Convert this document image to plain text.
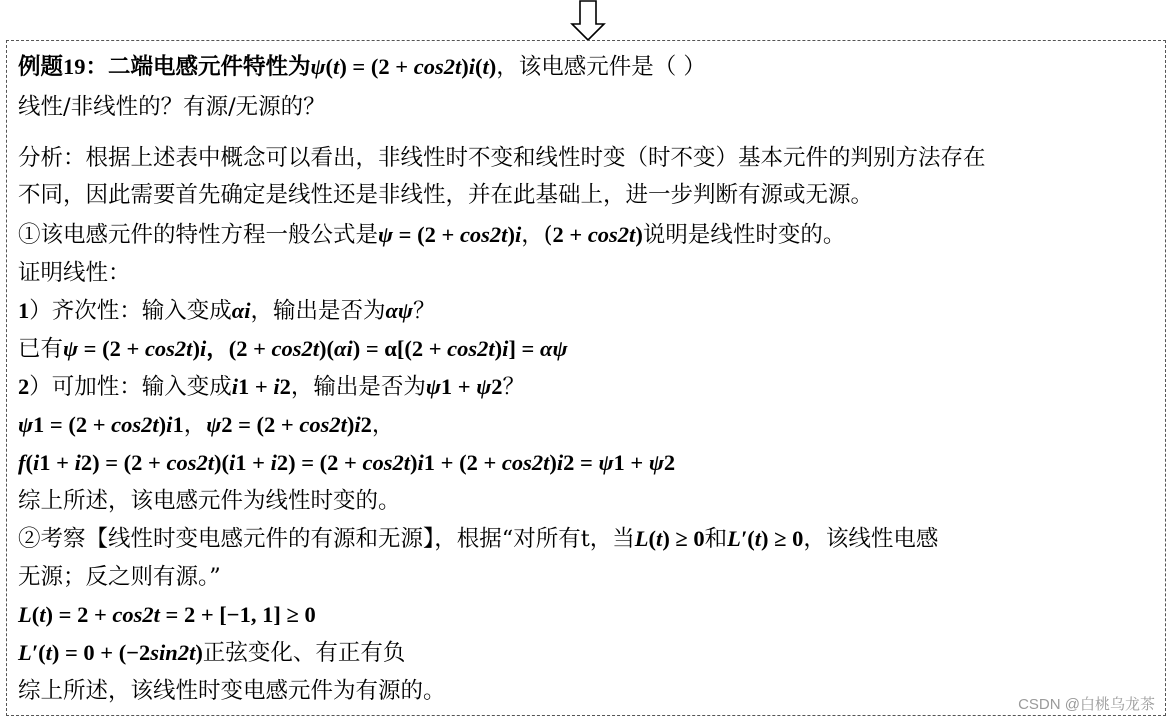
例题19：二端电感元件特性为ψ(t) = (2 + cos2t)i(t)，该电感元件是（ ）
线性/非线性的？有源/无源的？
分析：根据上述表中概念可以看出，非线性时不变和线性时变（时不变）基本元件的判别方法存在
不同，因此需要首先确定是线性还是非线性，并在此基础上，进一步判断有源或无源。
①该电感元件的特性方程一般公式是ψ = (2 + cos2t)i，(2 + cos2t)说明是线性时变的。
证明线性：
1）齐次性：输入变成αi，输出是否为αψ？
已有ψ = (2 + cos2t)i，(2 + cos2t)(αi) = α[(2 + cos2t)i] = αψ
2）可加性：输入变成i1 + i2，输出是否为ψ1 + ψ2？
ψ1 = (2 + cos2t)i1，ψ2 = (2 + cos2t)i2，
f(i1 + i2) = (2 + cos2t)(i1 + i2) = (2 + cos2t)i1 + (2 + cos2t)i2 = ψ1 + ψ2
综上所述，该电感元件为线性时变的。
②考察【线性时变电感元件的有源和无源】，根据“对所有t，当L(t) ≥ 0和L′(t) ≥ 0，该线性电感
无源；反之则有源。”
L(t) = 2 + cos2t = 2 + [−1, 1] ≥ 0
L′(t) = 0 + (−2sin2t)正弦变化、有正有负
综上所述，该线性时变电感元件为有源的。
CSDN @白桃乌龙茶
